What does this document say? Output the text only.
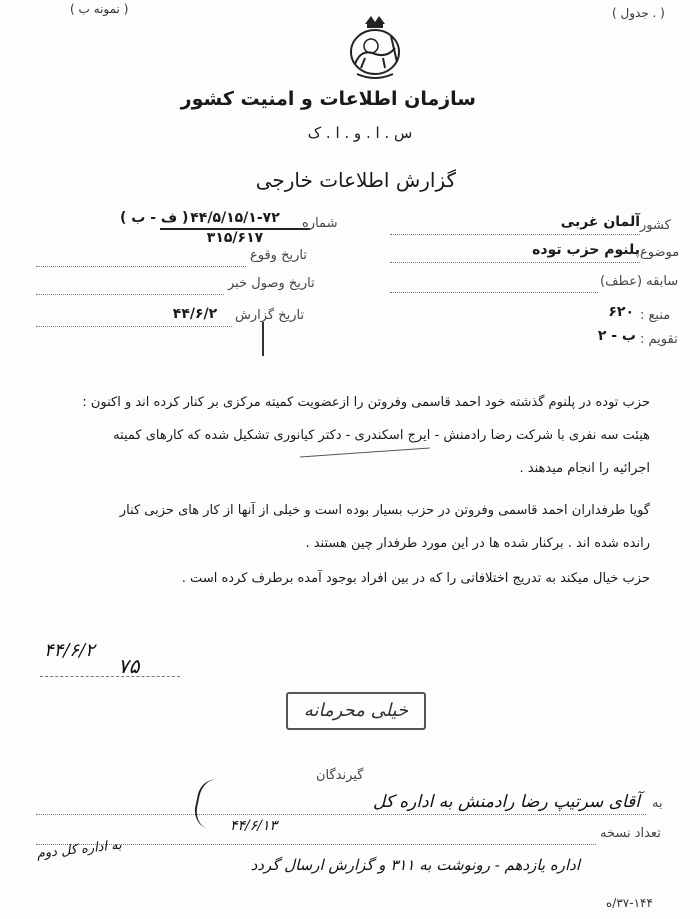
( نمونه ب )	( جدول . )
سازمان اطلاعات و امنیت کشور
س . ا . و . ا . ک
گزارش اطلاعات خارجی
( ف - ب ) ۴۴/۵/۱۵/۱-۷۲
۳۱۵/۶۱۷
شماره
تاریخ وقوع
تاریخ وصول خبر
تاریخ گزارش
۴۴/۶/۲
کشور
آلمان غربی
موضوع
پلنوم حزب توده
سابقه (عطف)
منبع :
۶۲۰
تقویم :
ب - ۲
حزب توده در پلنوم گذشته خود احمد قاسمی وفروتن را ازعضویت کمیته مرکزی بر کنار کرده اند و اکنون :
هیئت سه نفری با شرکت رضا رادمنش - ایرج اسکندری - دکتر کیانوری تشکیل شده که کارهای کمیته
اجرائیه را انجام میدهند .
گویا طرفداران احمد قاسمی وفروتن در حزب بسیار بوده است و خیلی از آنها از کار های حزبی کنار
رانده شده اند . برکنار شده ها در این مورد طرفدار چین هستند .
حزب خیال میکند به تدریج اختلافاتی را که در بین افراد بوجود آمده برطرف کرده است .
۴۴/۶/۲
۷۵
خیلی محرمانه
گیرندگان
به
آقای سرتیپ رضا رادمنش به اداره کل
۴۴/۶/۱۳	تعداد نسخه
اداره یازدهم - رونوشت به ۳۱۱ و گزارش ارسال گردد
به اداره کل دوم
۳۷-۱۴۴/ه
